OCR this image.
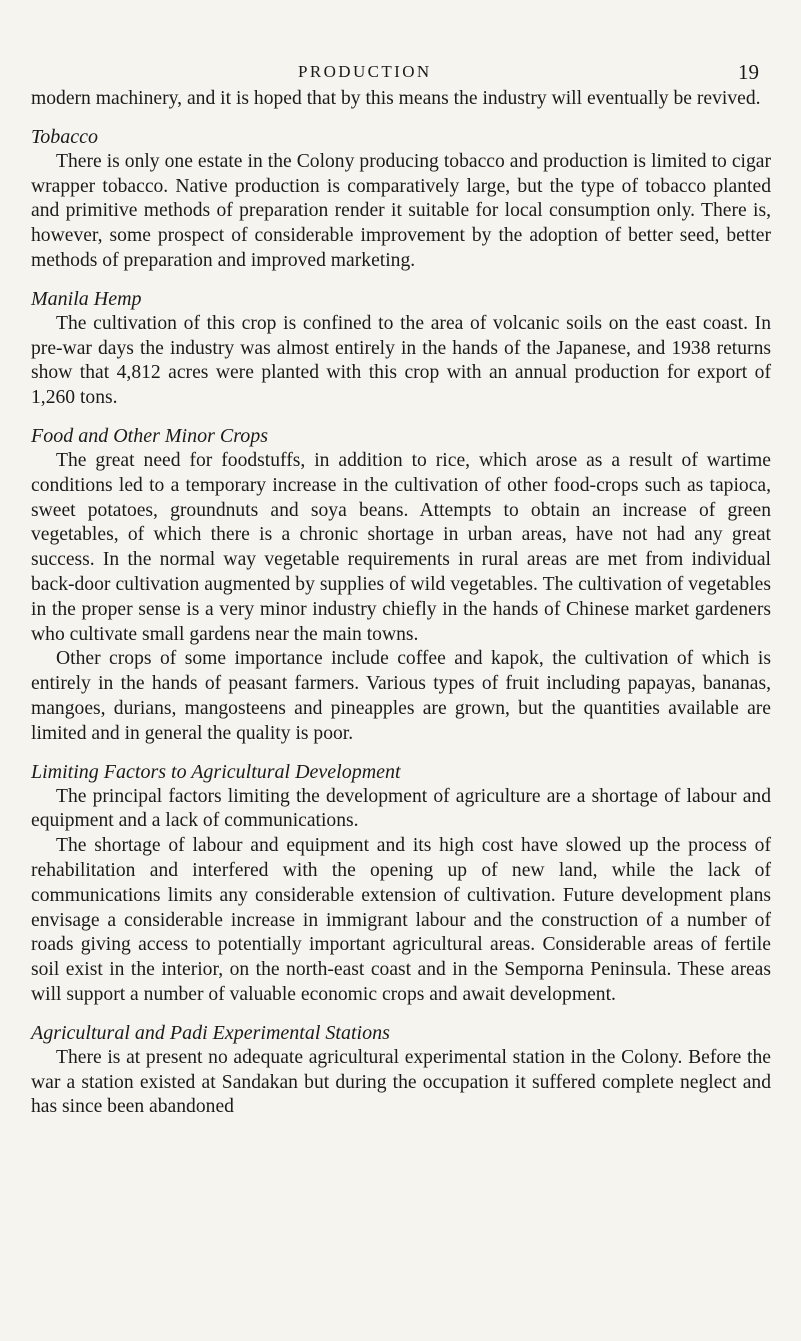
PRODUCTION	19

modern machinery, and it is hoped that by this means the industry will eventually be revived.

Tobacco

There is only one estate in the Colony producing tobacco and production is limited to cigar wrapper tobacco. Native production is comparatively large, but the type of tobacco planted and primitive methods of preparation render it suitable for local consumption only. There is, however, some prospect of considerable improvement by the adoption of better seed, better methods of preparation and improved marketing.

Manila Hemp

The cultivation of this crop is confined to the area of volcanic soils on the east coast. In pre-war days the industry was almost entirely in the hands of the Japanese, and 1938 returns show that 4,812 acres were planted with this crop with an annual production for export of 1,260 tons.

Food and Other Minor Crops

The great need for foodstuffs, in addition to rice, which arose as a result of wartime conditions led to a temporary increase in the cultivation of other food-crops such as tapioca, sweet potatoes, groundnuts and soya beans. Attempts to obtain an increase of green vegetables, of which there is a chronic shortage in urban areas, have not had any great success. In the normal way vegetable requirements in rural areas are met from individual back-door cultivation augmented by supplies of wild vegetables. The cultivation of vegetables in the proper sense is a very minor industry chiefly in the hands of Chinese market gardeners who cultivate small gardens near the main towns.

Other crops of some importance include coffee and kapok, the cultivation of which is entirely in the hands of peasant farmers. Various types of fruit including papayas, bananas, mangoes, durians, mangosteens and pineapples are grown, but the quantities available are limited and in general the quality is poor.

Limiting Factors to Agricultural Development

The principal factors limiting the development of agriculture are a shortage of labour and equipment and a lack of communications.

The shortage of labour and equipment and its high cost have slowed up the process of rehabilitation and interfered with the opening up of new land, while the lack of communications limits any considerable extension of cultivation. Future development plans envisage a considerable increase in immigrant labour and the construction of a number of roads giving access to potentially important agricultural areas. Considerable areas of fertile soil exist in the interior, on the north-east coast and in the Semporna Peninsula. These areas will support a number of valuable economic crops and await development.

Agricultural and Padi Experimental Stations

There is at present no adequate agricultural experimental station in the Colony. Before the war a station existed at Sandakan but during the occupation it suffered complete neglect and has since been abandoned
